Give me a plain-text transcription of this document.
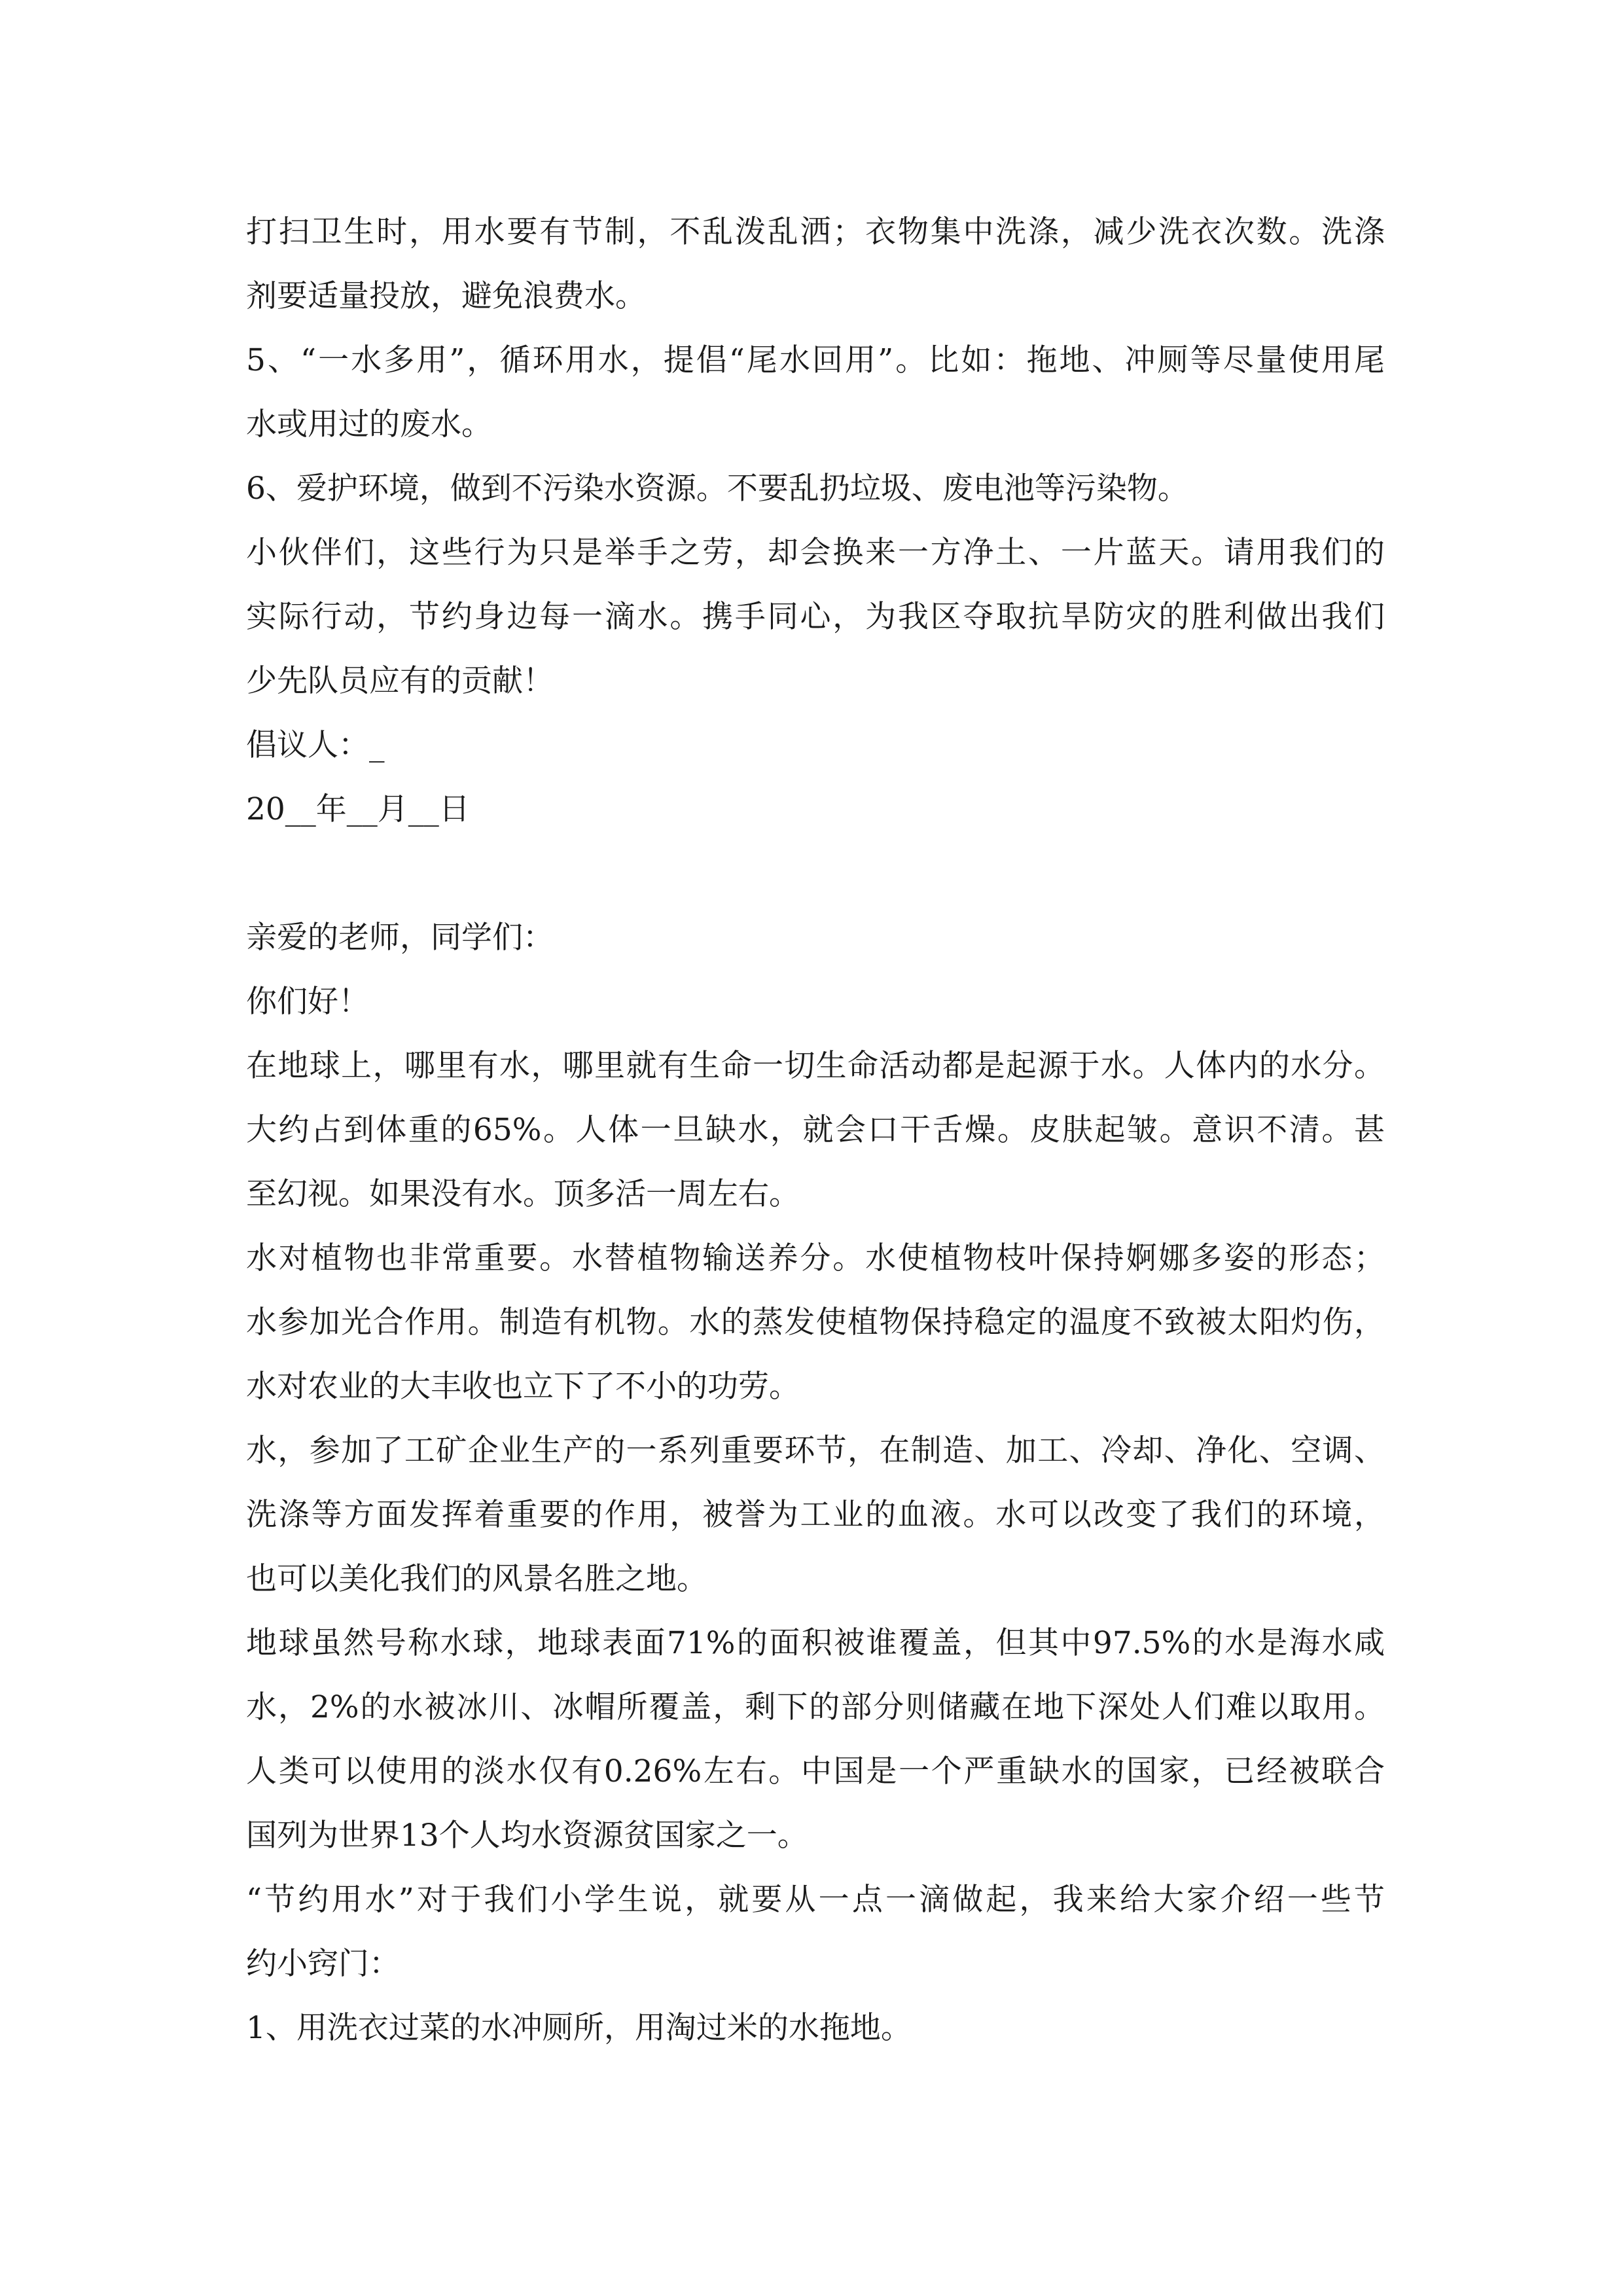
打扫卫生时，用水要有节制，不乱泼乱洒；衣物集中洗涤，减少洗衣次数。洗涤
剂要适量投放，避免浪费水。
5、“一水多用”，循环用水，提倡“尾水回用”。比如：拖地、冲厕等尽量使用尾
水或用过的废水。
6、爱护环境，做到不污染水资源。不要乱扔垃圾、废电池等污染物。
小伙伴们，这些行为只是举手之劳，却会换来一方净土、一片蓝天。请用我们的
实际行动，节约身边每一滴水。携手同心，为我区夺取抗旱防灾的胜利做出我们
少先队员应有的贡献！
倡议人：_
20__年__月__日
亲爱的老师，同学们：
你们好！
在地球上，哪里有水，哪里就有生命一切生命活动都是起源于水。人体内的水分。
大约占到体重的65%。人体一旦缺水，就会口干舌燥。皮肤起皱。意识不清。甚
至幻视。如果没有水。顶多活一周左右。
水对植物也非常重要。水替植物输送养分。水使植物枝叶保持婀娜多姿的形态；
水参加光合作用。制造有机物。水的蒸发使植物保持稳定的温度不致被太阳灼伤，
水对农业的大丰收也立下了不小的功劳。
水，参加了工矿企业生产的一系列重要环节，在制造、加工、冷却、净化、空调、
洗涤等方面发挥着重要的作用，被誉为工业的血液。水可以改变了我们的环境，
也可以美化我们的风景名胜之地。
地球虽然号称水球，地球表面71%的面积被谁覆盖，但其中97.5%的水是海水咸
水，2%的水被冰川、冰帽所覆盖，剩下的部分则储藏在地下深处人们难以取用。
人类可以使用的淡水仅有0.26%左右。中国是一个严重缺水的国家，已经被联合
国列为世界13个人均水资源贫国家之一。
“节约用水”对于我们小学生说，就要从一点一滴做起，我来给大家介绍一些节
约小窍门：
1、用洗衣过菜的水冲厕所，用淘过米的水拖地。
